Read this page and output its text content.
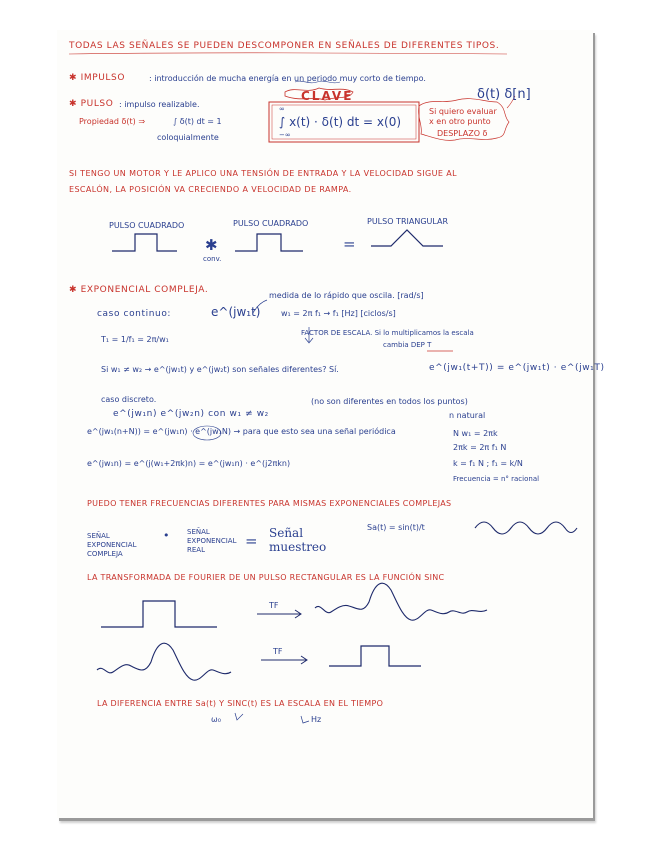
TODAS LAS SEÑALES SE PUEDEN DESCOMPONER EN SEÑALES DE DIFERENTES TIPOS.
✱ IMPULSO	: introducción de mucha energía en un periodo muy corto de tiempo.
✱ PULSO : impulso realizable.
CLAVE	δ(t) δ[n]
Propiedad δ(t) ⇒	∫ δ(t) dt = 1
coloquialmente
∞
∫ x(t) · δ(t) dt = x(0)
−∞
Si quiero evaluar
x en otro punto
DESPLAZO δ
SI TENGO UN MOTOR Y LE APLICO UNA TENSIÓN DE ENTRADA Y LA VELOCIDAD SIGUE AL
ESCALÓN, LA POSICIÓN VA CRECIENDO A VELOCIDAD DE RAMPA.
PULSO CUADRADO	PULSO CUADRADO	PULSO TRIANGULAR
✱
conv.
=
✱ EXPONENCIAL COMPLEJA.
medida de lo rápido que oscila. [rad/s]
caso continuo:	e^(jw₁t)	w₁ = 2π f₁ → f₁ [Hz] [ciclos/s]
FACTOR DE ESCALA. Si lo multiplicamos la escala
cambia DEP T
T₁ = 1/f₁ = 2π/w₁
Si w₁ ≠ w₂ → e^(jw₁t) y e^(jw₂t) son señales diferentes? Sí.	e^(jw₁(t+T)) = e^(jw₁t) · e^(jw₁T)
caso discreto.
e^(jw₁n) e^(jw₂n) con w₁ ≠ w₂
(no son diferentes en todos los puntos)
n natural
e^(jw₁(n+N)) = e^(jw₁n) · e^(jw₁N) → para que esto sea una señal periódica	N w₁ = 2πk
2πk = 2π f₁ N
k = f₁ N ; f₁ = k/N
Frecuencia = n° racional
e^(jw₁n) = e^(j(w₁+2πk)n) = e^(jw₁n) · e^(j2πkn)
PUEDO TENER FRECUENCIAS DIFERENTES PARA MISMAS EXPONENCIALES COMPLEJAS
SEÑAL EXPONENCIAL COMPLEJA
•	SEÑAL EXPONENCIAL REAL
= Señal muestreo
Sa(t) = sin(t)/t
LA TRANSFORMADA DE FOURIER DE UN PULSO RECTANGULAR ES LA FUNCIÓN SINC
TF
TF
LA DIFERENCIA ENTRE Sa(t) Y SINC(t) ES LA ESCALA EN EL TIEMPO
ω₀	Hz
